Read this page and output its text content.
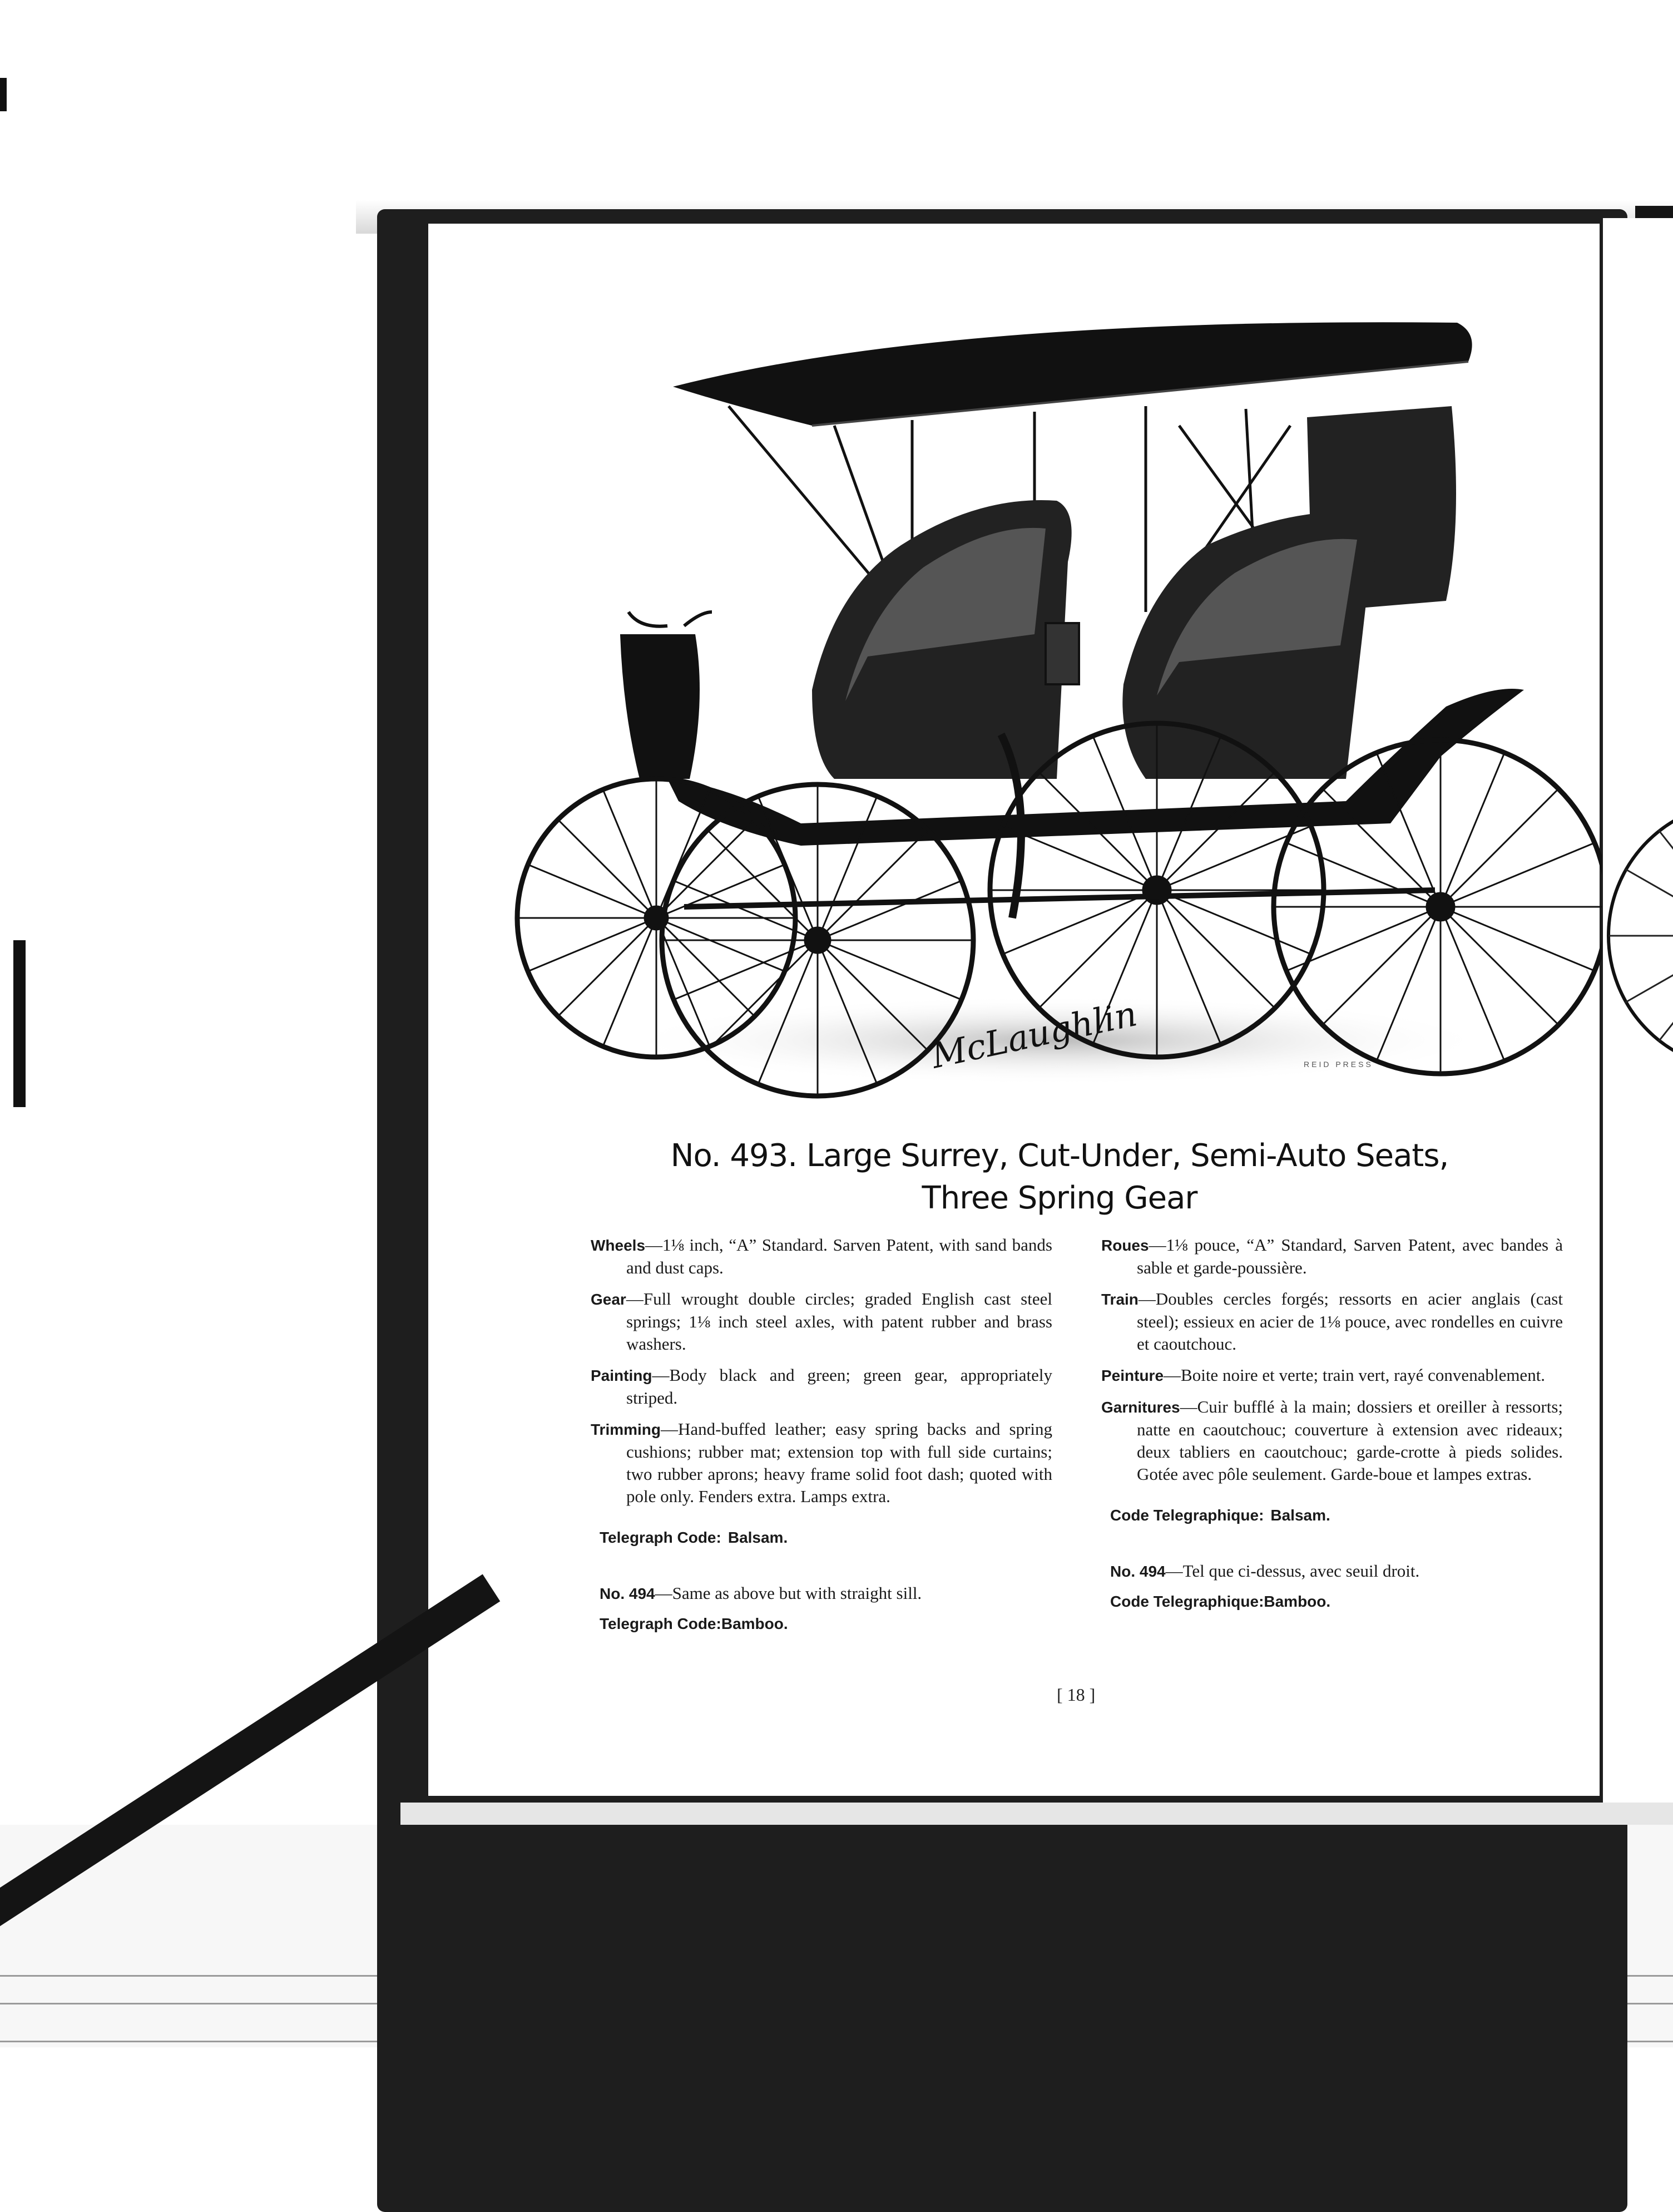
McLaughlin	REID PRESS
No. 493. Large Surrey, Cut-Under, Semi-Auto Seats,
Three Spring Gear

Wheels—1⅛ inch, “A” Standard. Sarven Patent, with sand bands and dust caps.

Gear—Full wrought double circles; graded English cast steel springs; 1⅛ inch steel axles, with patent rubber and brass washers.

Painting—Body black and green; green gear, appropriately striped.

Trimming—Hand-buffed leather; easy spring backs and spring cushions; rubber mat; extension top with full side curtains; two rubber aprons; heavy frame solid foot dash; quoted with pole only. Fenders extra. Lamps extra.

Telegraph Code: Balsam.
No. 494—Same as above but with straight sill.
Telegraph Code:Bamboo.

Roues—1⅛ pouce, “A” Standard, Sarven Patent, avec bandes à sable et garde-poussière.

Train—Doubles cercles forgés; ressorts en acier anglais (cast steel); essieux en acier de 1⅛ pouce, avec rondelles en cuivre et caoutchouc.

Peinture—Boite noire et verte; train vert, rayé convenablement.

Garnitures—Cuir bufflé à la main; dossiers et oreiller à ressorts; natte en caoutchouc; couverture à extension avec rideaux; deux tabliers en caoutchouc; garde-crotte à pieds solides. Gotée avec pôle seulement. Garde-boue et lampes extras.

Code Telegraphique: Balsam.
No. 494—Tel que ci-dessus, avec seuil droit.
Code Telegraphique:Bamboo.
[ 18 ]
